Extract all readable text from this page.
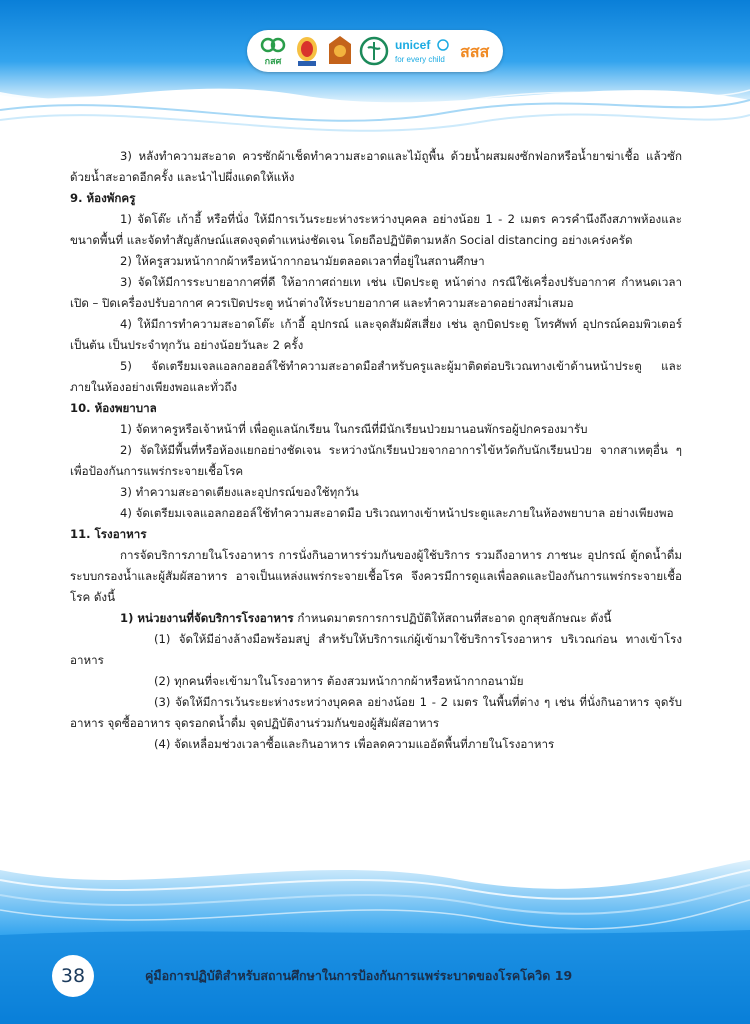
กสศ
unicef
for every child สสส

3) หลังทำความสะอาด ควรซักผ้าเช็ดทำความสะอาดและไม้ถูพื้น ด้วยน้ำผสมผงซักฟอกหรือน้ำยาฆ่าเชื้อ แล้วซักด้วยน้ำสะอาดอีกครั้ง และนำไปผึ่งแดดให้แห้ง

9. ห้องพักครู

1) จัดโต๊ะ เก้าอี้ หรือที่นั่ง ให้มีการเว้นระยะห่างระหว่างบุคคล อย่างน้อย 1 - 2 เมตร ควรคำนึงถึงสภาพห้องและขนาดพื้นที่ และจัดทำสัญลักษณ์แสดงจุดตำแหน่งชัดเจน โดยถือปฏิบัติตามหลัก Social distancing อย่างเคร่งครัด

2) ให้ครูสวมหน้ากากผ้าหรือหน้ากากอนามัยตลอดเวลาที่อยู่ในสถานศึกษา

3) จัดให้มีการระบายอากาศที่ดี ให้อากาศถ่ายเท เช่น เปิดประตู หน้าต่าง กรณีใช้เครื่องปรับอากาศ กำหนดเวลาเปิด – ปิดเครื่องปรับอากาศ ควรเปิดประตู หน้าต่างให้ระบายอากาศ และทำความสะอาดอย่างสม่ำเสมอ

4) ให้มีการทำความสะอาดโต๊ะ เก้าอี้ อุปกรณ์ และจุดสัมผัสเสี่ยง เช่น ลูกบิดประตู โทรศัพท์ อุปกรณ์คอมพิวเตอร์ เป็นต้น เป็นประจำทุกวัน อย่างน้อยวันละ 2 ครั้ง

5) จัดเตรียมเจลแอลกอฮอล์ใช้ทำความสะอาดมือสำหรับครูและผู้มาติดต่อบริเวณทางเข้าด้านหน้าประตู และภายในห้องอย่างเพียงพอและทั่วถึง

10. ห้องพยาบาล

1) จัดหาครูหรือเจ้าหน้าที่ เพื่อดูแลนักเรียน ในกรณีที่มีนักเรียนป่วยมานอนพักรอผู้ปกครองมารับ

2) จัดให้มีพื้นที่หรือห้องแยกอย่างชัดเจน ระหว่างนักเรียนป่วยจากอาการไข้หวัดกับนักเรียนป่วย จากสาเหตุอื่น ๆ เพื่อป้องกันการแพร่กระจายเชื้อโรค

3) ทำความสะอาดเตียงและอุปกรณ์ของใช้ทุกวัน

4) จัดเตรียมเจลแอลกอฮอล์ใช้ทำความสะอาดมือ บริเวณทางเข้าหน้าประตูและภายในห้องพยาบาล อย่างเพียงพอ

11. โรงอาหาร

การจัดบริการภายในโรงอาหาร การนั่งกินอาหารร่วมกันของผู้ใช้บริการ รวมถึงอาหาร ภาชนะ อุปกรณ์ ตู้กดน้ำดื่ม ระบบกรองน้ำและผู้สัมผัสอาหาร อาจเป็นแหล่งแพร่กระจายเชื้อโรค จึงควรมีการดูแลเพื่อลดและป้องกันการแพร่กระจายเชื้อโรค ดังนี้

1) หน่วยงานที่จัดบริการโรงอาหาร กำหนดมาตรการการปฏิบัติให้สถานที่สะอาด ถูกสุขลักษณะ ดังนี้

(1) จัดให้มีอ่างล้างมือพร้อมสบู่ สำหรับให้บริการแก่ผู้เข้ามาใช้บริการโรงอาหาร บริเวณก่อน ทางเข้าโรงอาหาร

(2) ทุกคนที่จะเข้ามาในโรงอาหาร ต้องสวมหน้ากากผ้าหรือหน้ากากอนามัย

(3) จัดให้มีการเว้นระยะห่างระหว่างบุคคล อย่างน้อย 1 - 2 เมตร ในพื้นที่ต่าง ๆ เช่น ที่นั่งกินอาหาร จุดรับอาหาร จุดซื้ออาหาร จุดรอกดน้ำดื่ม จุดปฏิบัติงานร่วมกันของผู้สัมผัสอาหาร

(4) จัดเหลื่อมช่วงเวลาซื้อและกินอาหาร เพื่อลดความแออัดพื้นที่ภายในโรงอาหาร

38	คู่มือการปฏิบัติสำหรับสถานศึกษาในการป้องกันการแพร่ระบาดของโรคโควิด 19
